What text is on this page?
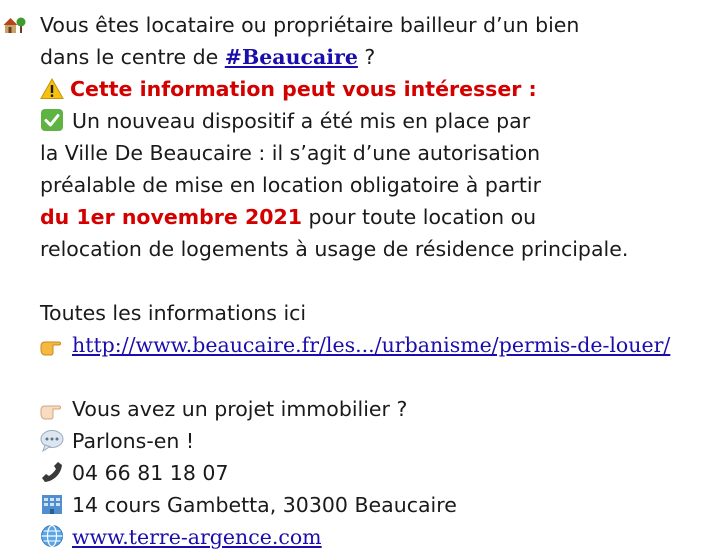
Vous êtes locataire ou propriétaire bailleur d’un bien
dans le centre de #Beaucaire ?
Cette information peut vous intéresser :
Un nouveau dispositif a été mis en place par
la Ville De Beaucaire : il s’agit d’une autorisation
préalable de mise en location obligatoire à partir
du 1er novembre 2021 pour toute location ou
relocation de logements à usage de résidence principale.
Toutes les informations ici
http://www.beaucaire.fr/les.../urbanisme/permis-de-louer/
Vous avez un projet immobilier ?
Parlons-en !
04 66 81 18 07
14 cours Gambetta, 30300 Beaucaire
www.terre-argence.com
